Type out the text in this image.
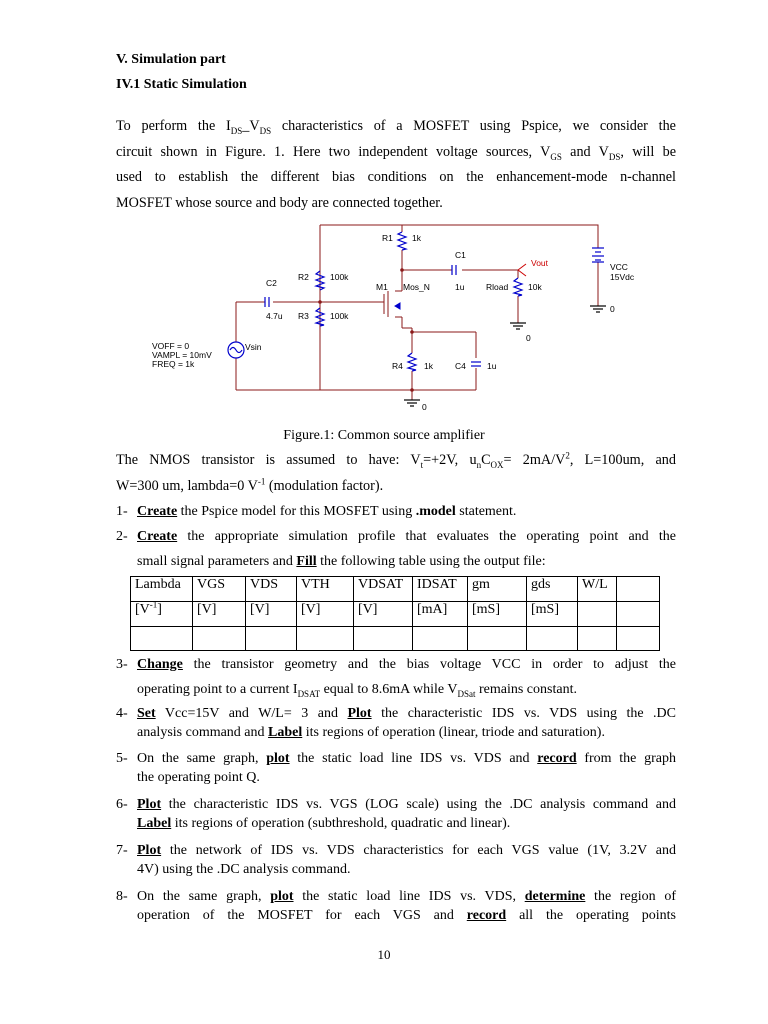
V. Simulation part
IV.1 Static Simulation
To perform the $I_{DS}\_V_{DS}$ characteristics of a MOSFET using Pspice, we consider the
circuit shown in Figure. 1. Here two independent voltage sources, $V_{GS}$ and $V_{DS}$, will be
used to establish the different bias conditions on the enhancement-mode n-channel
MOSFET whose source and body are connected together.
R1 1k
C1
1u
Vout	VCC
15Vdc
R2 100k
M1 Mos_N	Rload 10k
C2
4.7u R3 100k
Vsin
VOFF = 0
VAMPL = 10mV
FREQ = 1k	R4 1k	C4 1u
0
0
0
Figure.1: Common source amplifier
The NMOS transistor is assumed to have: $V_t=+2V$, $u_nC_{OX}= 2mA/V^2$, L=100um, and
W=300 um, lambda=0 $V^{-1}$ (modulation factor).
1- Create the Pspice model for this MOSFET using .model statement.
2- Create the appropriate simulation profile that evaluates the operating point and the
small signal parameters and Fill the following table using the output file:
Lambda	VGS	VDS	VTH	VDSAT	IDSAT	gm	gds	W/L	
$[V^{-1}]$	[V]	[V]	[V]	[V]	[mA]	[mS]	[mS]		

3- Change the transistor geometry and the bias voltage VCC in order to adjust the
operating point to a current $I_{DSAT}$ equal to 8.6mA while $V_{DSat}$ remains constant.
4- Set Vcc=15V and W/L= 3 and Plot the characteristic IDS vs. VDS using the .DC
analysis command and Label its regions of operation (linear, triode and saturation).
5- On the same graph, plot the static load line IDS vs. VDS and record from the graph
the operating point Q.
6- Plot the characteristic IDS vs. VGS (LOG scale) using the .DC analysis command and
Label its regions of operation (subthreshold, quadratic and linear).
7- Plot the network of IDS vs. VDS characteristics for each VGS value (1V, 3.2V and
4V) using the .DC analysis command.
8- On the same graph, plot the static load line IDS vs. VDS, determine the region of
operation of the MOSFET for each VGS and record all the operating points
10
